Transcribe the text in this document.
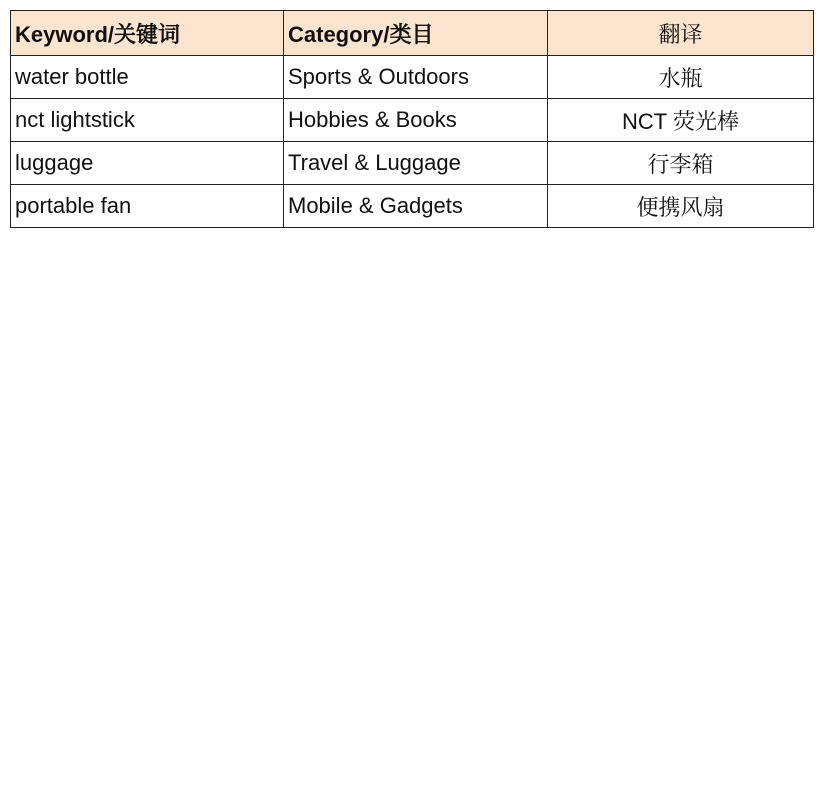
Keyword/关键词	Category/类目	翻译
water bottle	Sports & Outdoors	水瓶
nct lightstick	Hobbies & Books	NCT 荧光棒
luggage	Travel & Luggage	行李箱
portable fan	Mobile & Gadgets	便携风扇
